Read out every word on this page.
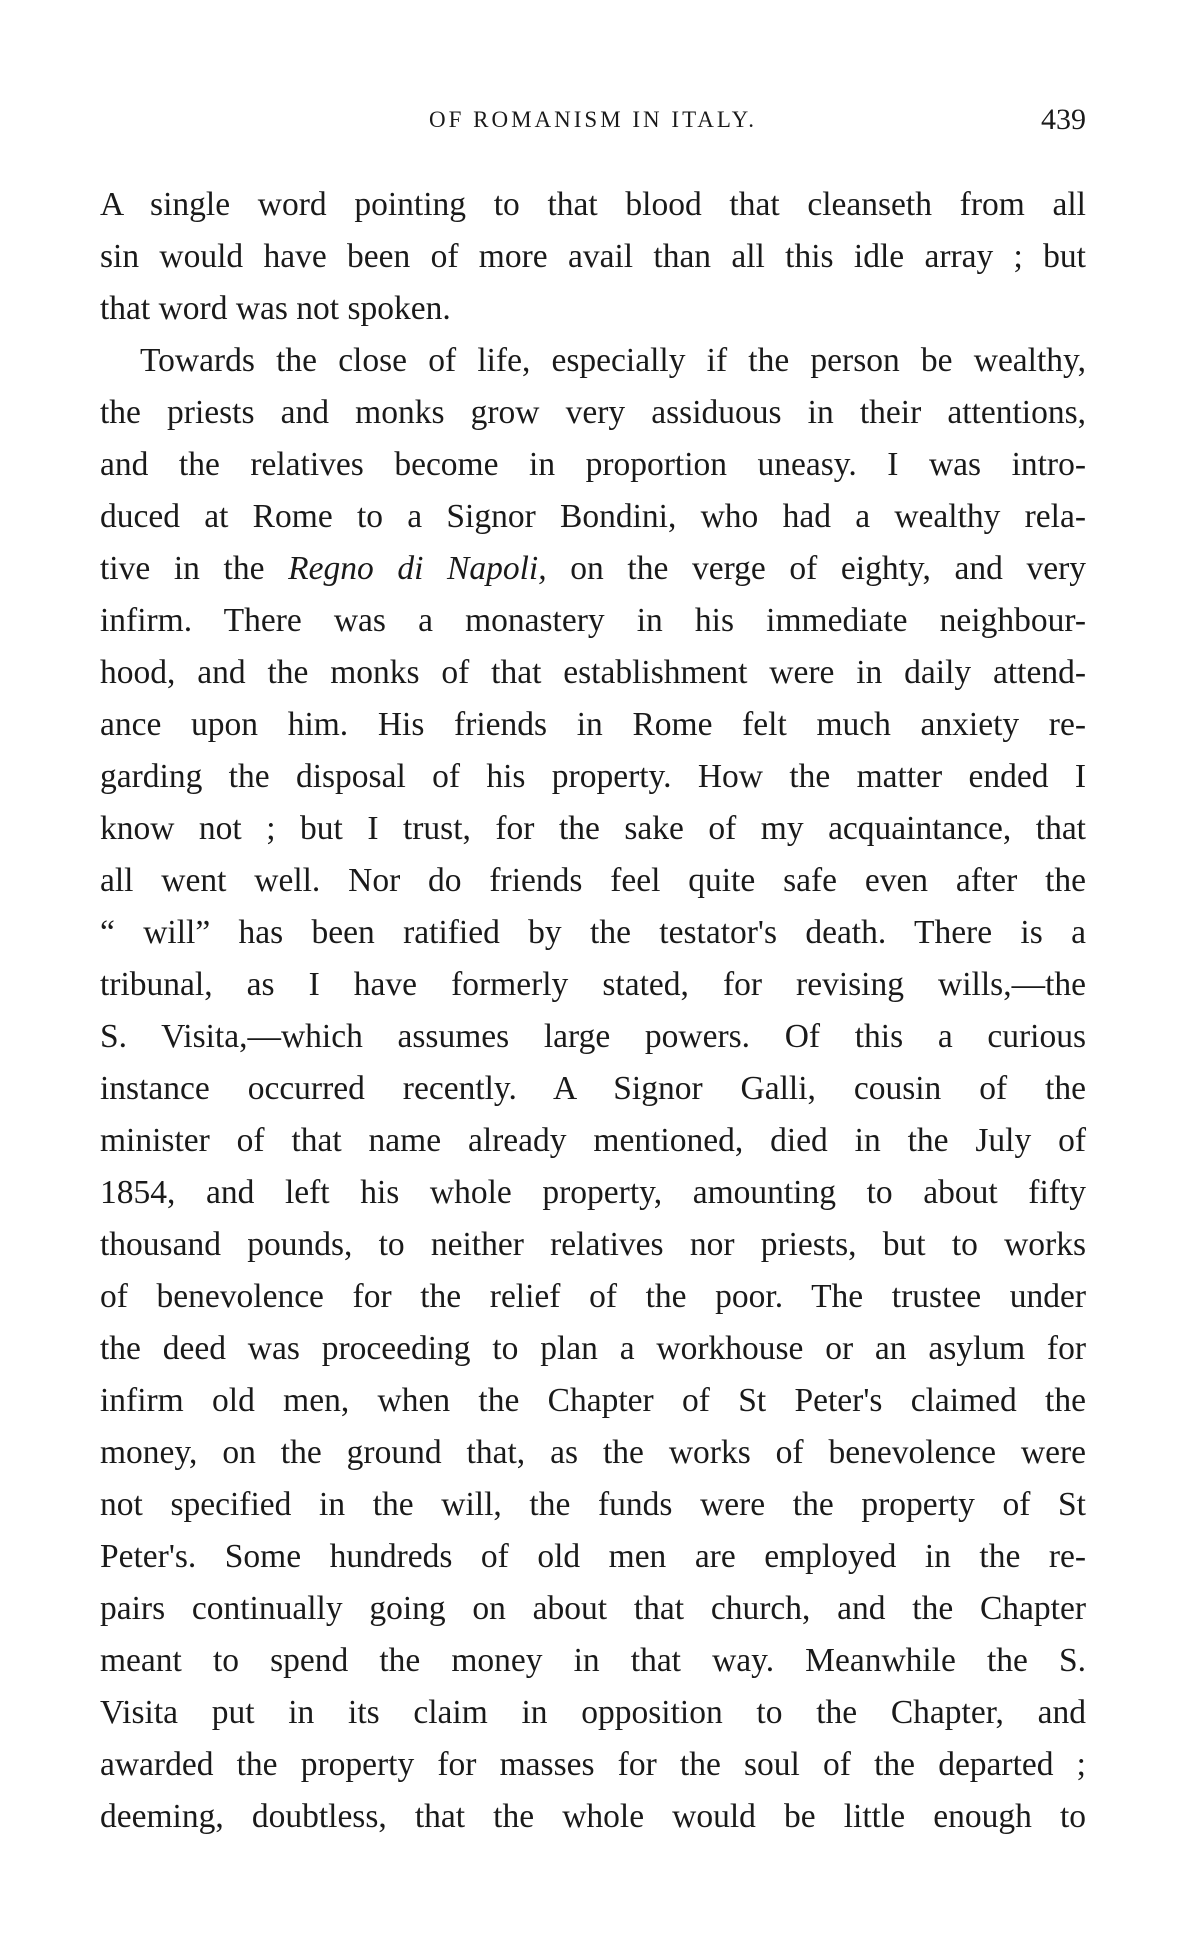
OF ROMANISM IN ITALY.	439
A single word pointing to that blood that cleanseth from all
sin would have been of more avail than all this idle array ; but
that word was not spoken.
Towards the close of life, especially if the person be wealthy,
the priests and monks grow very assiduous in their attentions,
and the relatives become in proportion uneasy. I was intro-
duced at Rome to a Signor Bondini, who had a wealthy rela-
tive in the Regno di Napoli, on the verge of eighty, and very
infirm. There was a monastery in his immediate neighbour-
hood, and the monks of that establishment were in daily attend-
ance upon him. His friends in Rome felt much anxiety re-
garding the disposal of his property. How the matter ended I
know not ; but I trust, for the sake of my acquaintance, that
all went well. Nor do friends feel quite safe even after the
“ will” has been ratified by the testator's death. There is a
tribunal, as I have formerly stated, for revising wills,—the
S. Visita,—which assumes large powers. Of this a curious
instance occurred recently. A Signor Galli, cousin of the
minister of that name already mentioned, died in the July of
1854, and left his whole property, amounting to about fifty
thousand pounds, to neither relatives nor priests, but to works
of benevolence for the relief of the poor. The trustee under
the deed was proceeding to plan a workhouse or an asylum for
infirm old men, when the Chapter of St Peter's claimed the
money, on the ground that, as the works of benevolence were
not specified in the will, the funds were the property of St
Peter's. Some hundreds of old men are employed in the re-
pairs continually going on about that church, and the Chapter
meant to spend the money in that way. Meanwhile the S.
Visita put in its claim in opposition to the Chapter, and
awarded the property for masses for the soul of the departed ;
deeming, doubtless, that the whole would be little enough to
